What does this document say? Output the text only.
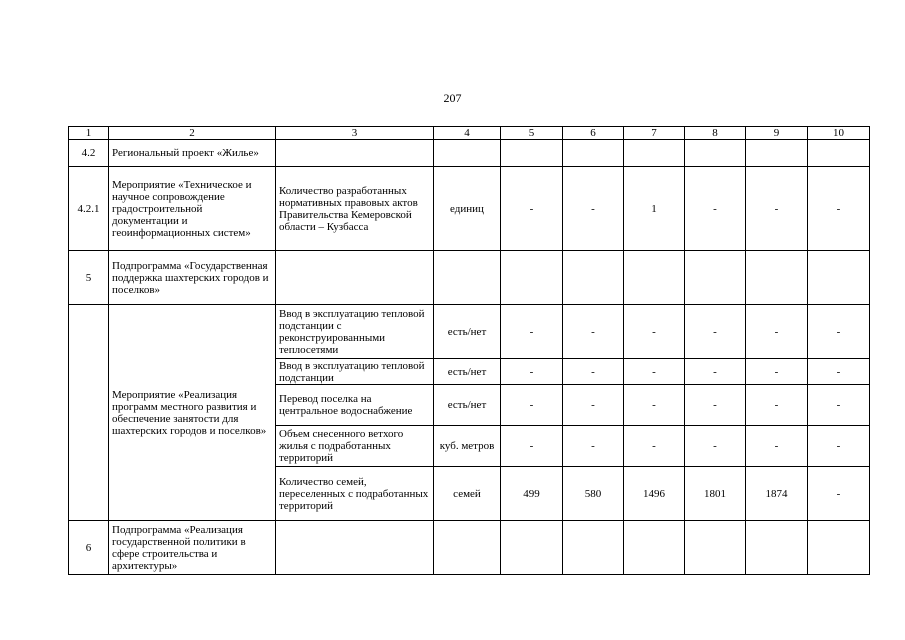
207
1	2	3	4	5	6	7	8	9	10
4.2	Региональный проект «Жилье»								
4.2.1	Мероприятие «Техническое и научное сопровождение градостроительной документации и геоинформационных систем»	Количество разработанных нормативных правовых актов Правительства Кемеровской области – Кузбасса	единиц	-	-	1	-	-	-
5	Подпрограмма «Государственная поддержка шахтерских городов и поселков»								
	Мероприятие «Реализация программ местного развития и обеспечение занятости для шахтерских городов и поселков»	Ввод в эксплуатацию тепловой подстанции с реконструированными теплосетями	есть/нет	-	-	-	-	-	-
		Ввод в эксплуатацию тепловой подстанции	есть/нет	-	-	-	-	-	-
		Перевод поселка на центральное водоснабжение	есть/нет	-	-	-	-	-	-
		Объем снесенного ветхого жилья с подработанных территорий	куб. метров	-	-	-	-	-	-
		Количество семей, переселенных с подработанных территорий	семей	499	580	1496	1801	1874	-
6	Подпрограмма «Реализация государственной политики в сфере строительства и архитектуры»								
